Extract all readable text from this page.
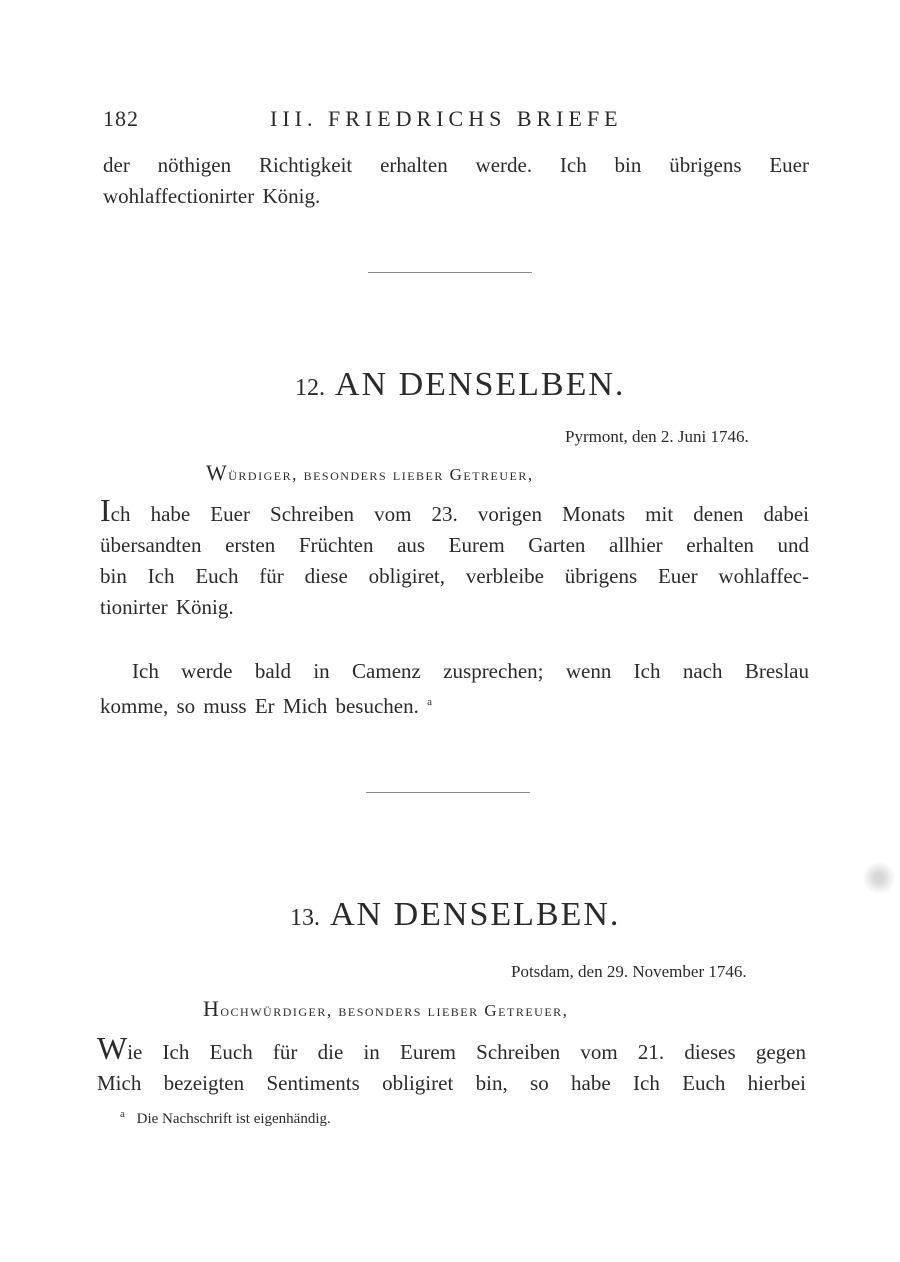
182	III. FRIEDRICHS BRIEFE
der nöthigen Richtigkeit erhalten werde. Ich bin übrigens Euer
wohlaffectionirter König.
12. AN DENSELBEN.
Pyrmont, den 2. Juni 1746.
Würdiger, besonders lieber Getreuer,
Ich habe Euer Schreiben vom 23. vorigen Monats mit denen dabei
übersandten ersten Früchten aus Eurem Garten allhier erhalten und
bin Ich Euch für diese obligiret, verbleibe übrigens Euer wohlaffec-
tionirter König.
Ich werde bald in Camenz zusprechen; wenn Ich nach Breslau
komme, so muss Er Mich besuchen. $^a$
13. AN DENSELBEN.
Potsdam, den 29. November 1746.
Hochwürdiger, besonders lieber Getreuer,
Wie Ich Euch für die in Eurem Schreiben vom 21. dieses gegen
Mich bezeigten Sentiments obligiret bin, so habe Ich Euch hierbei
$^a$ Die Nachschrift ist eigenhändig.
